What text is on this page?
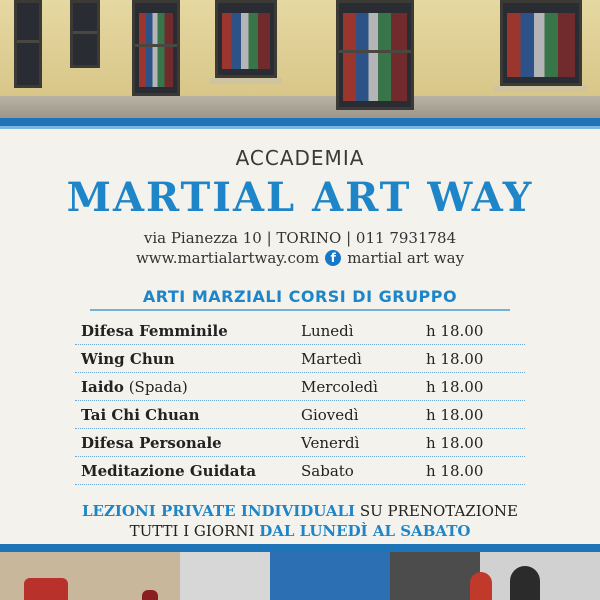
ACCADEMIA
MARTIAL ART WAY
via Pianezza 10 | TORINO | 011 7931784
www.martialartway.com f martial art way
ARTI MARZIALI CORSI DI GRUPPO
Difesa Femminile	Lunedì	h 18.00
Wing Chun	Martedì	h 18.00
Iaido (Spada)	Mercoledì	h 18.00
Tai Chi Chuan	Giovedì	h 18.00
Difesa Personale	Venerdì	h 18.00
Meditazione Guidata	Sabato	h 18.00
LEZIONI PRIVATE INDIVIDUALI SU PRENOTAZIONE
TUTTI I GIORNI DAL LUNEDÌ AL SABATO
